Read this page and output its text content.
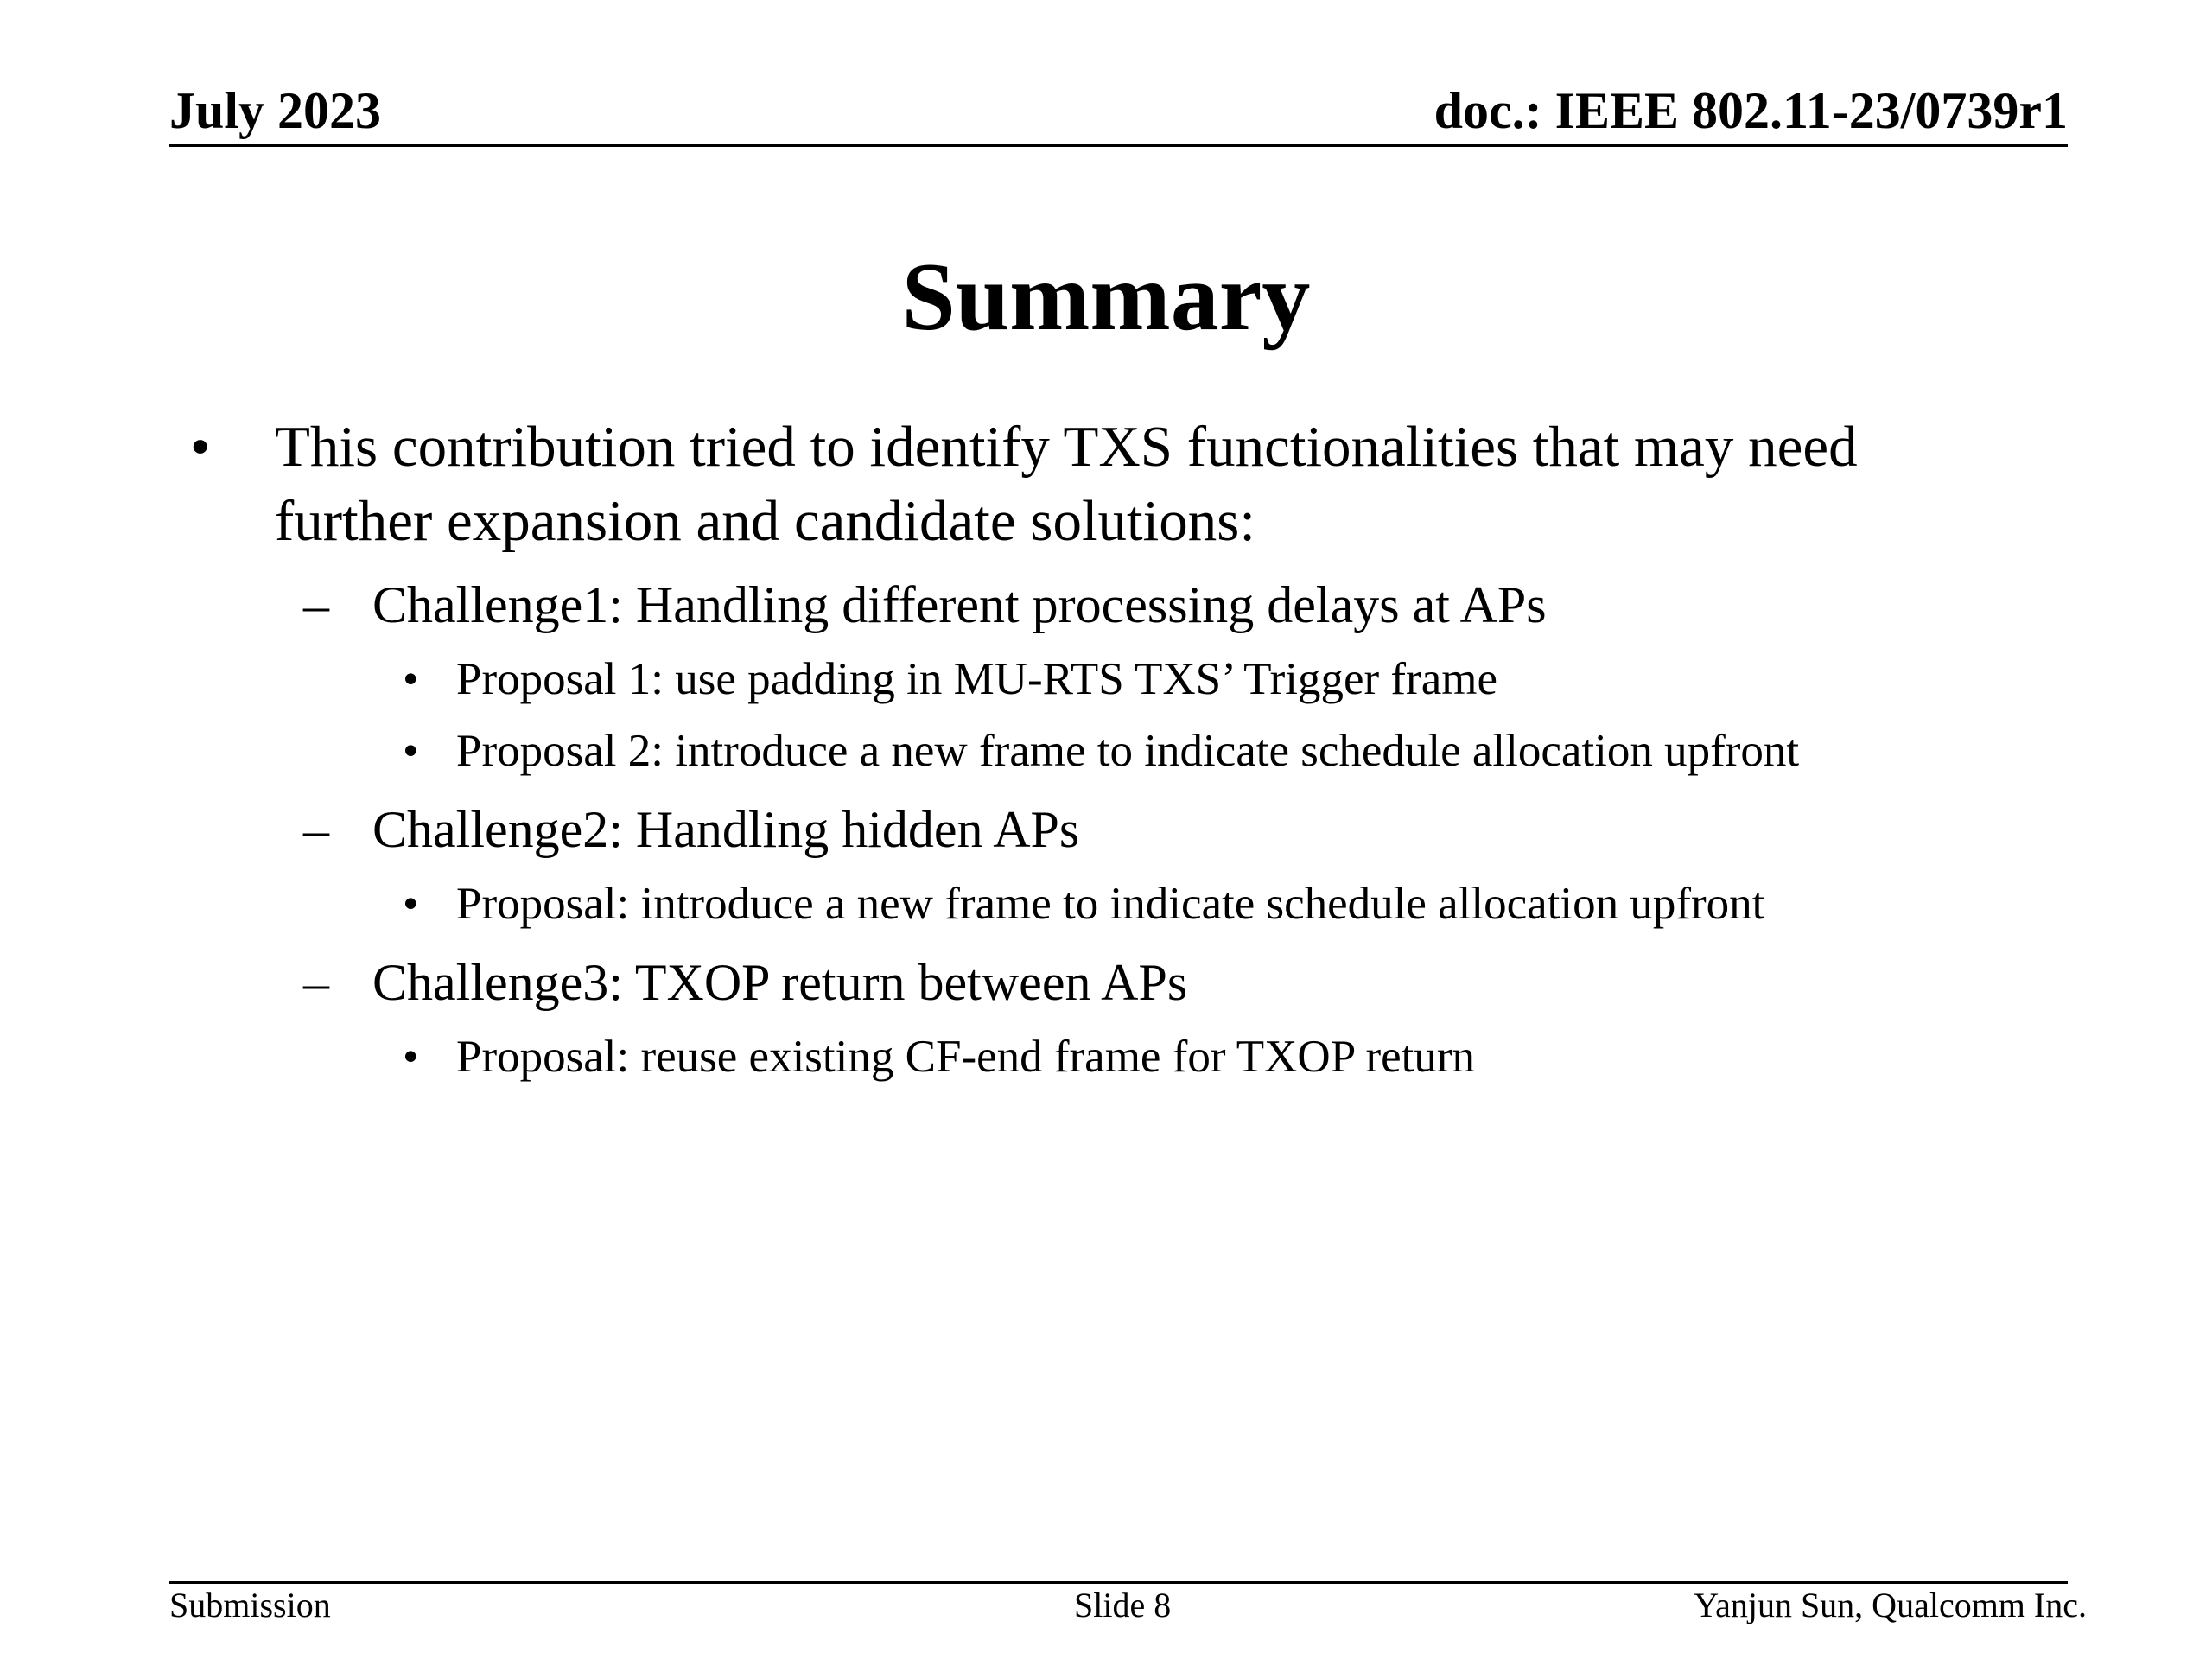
July 2023	doc.: IEEE 802.11-23/0739r1
Summary
• This contribution tried to identify TXS functionalities that may need
further expansion and candidate solutions:
– Challenge1: Handling different processing delays at APs
• Proposal 1: use padding in MU-RTS TXS’ Trigger frame
• Proposal 2: introduce a new frame to indicate schedule allocation upfront
– Challenge2: Handling hidden APs
• Proposal: introduce a new frame to indicate schedule allocation upfront
– Challenge3: TXOP return between APs
• Proposal: reuse existing CF-end frame for TXOP return
Submission	Slide 8	Yanjun Sun, Qualcomm Inc.
